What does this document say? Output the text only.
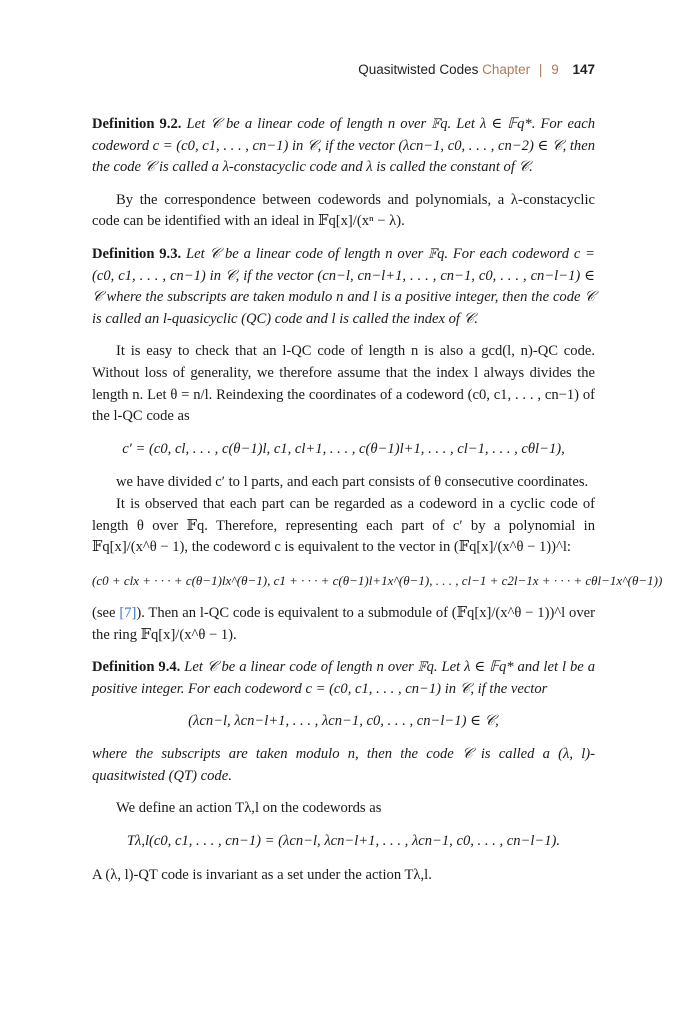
Quasitwisted Codes Chapter | 9 147

Definition 9.2. Let 𝒞 be a linear code of length n over 𝔽q. Let λ ∈ 𝔽q*. For each codeword c = (c0, c1, . . . , cn−1) in 𝒞, if the vector (λcn−1, c0, . . . , cn−2) ∈ 𝒞, then the code 𝒞 is called a λ-constacyclic code and λ is called the constant of 𝒞.

By the correspondence between codewords and polynomials, a λ-constacyclic code can be identified with an ideal in 𝔽q[x]/(xⁿ − λ).

Definition 9.3. Let 𝒞 be a linear code of length n over 𝔽q. For each codeword c = (c0, c1, . . . , cn−1) in 𝒞, if the vector (cn−l, cn−l+1, . . . , cn−1, c0, . . . , cn−l−1) ∈ 𝒞 where the subscripts are taken modulo n and l is a positive integer, then the code 𝒞 is called an l-quasicyclic (QC) code and l is called the index of 𝒞.

It is easy to check that an l-QC code of length n is also a gcd(l, n)-QC code. Without loss of generality, we therefore assume that the index l always divides the length n. Let θ = n/l. Reindexing the coordinates of a codeword (c0, c1, . . . , cn−1) of the l-QC code as

c′ = (c0, cl, . . . , c(θ−1)l, c1, cl+1, . . . , c(θ−1)l+1, . . . , cl−1, . . . , cθl−1),

we have divided c′ to l parts, and each part consists of θ consecutive coordinates.

It is observed that each part can be regarded as a codeword in a cyclic code of length θ over 𝔽q. Therefore, representing each part of c′ by a polynomial in 𝔽q[x]/(x^θ − 1), the codeword c is equivalent to the vector in (𝔽q[x]/(x^θ − 1))^l:

(c0 + clx + · · · + c(θ−1)lx^(θ−1), c1 + · · · + c(θ−1)l+1x^(θ−1), . . . , cl−1 + c2l−1x + · · · + cθl−1x^(θ−1))

(see [7]). Then an l-QC code is equivalent to a submodule of (𝔽q[x]/(x^θ − 1))^l over the ring 𝔽q[x]/(x^θ − 1).

Definition 9.4. Let 𝒞 be a linear code of length n over 𝔽q. Let λ ∈ 𝔽q* and let l be a positive integer. For each codeword c = (c0, c1, . . . , cn−1) in 𝒞, if the vector

(λcn−l, λcn−l+1, . . . , λcn−1, c0, . . . , cn−l−1) ∈ 𝒞,

where the subscripts are taken modulo n, then the code 𝒞 is called a (λ, l)-quasitwisted (QT) code.

We define an action Tλ,l on the codewords as

Tλ,l(c0, c1, . . . , cn−1) = (λcn−l, λcn−l+1, . . . , λcn−1, c0, . . . , cn−l−1).

A (λ, l)-QT code is invariant as a set under the action Tλ,l.
